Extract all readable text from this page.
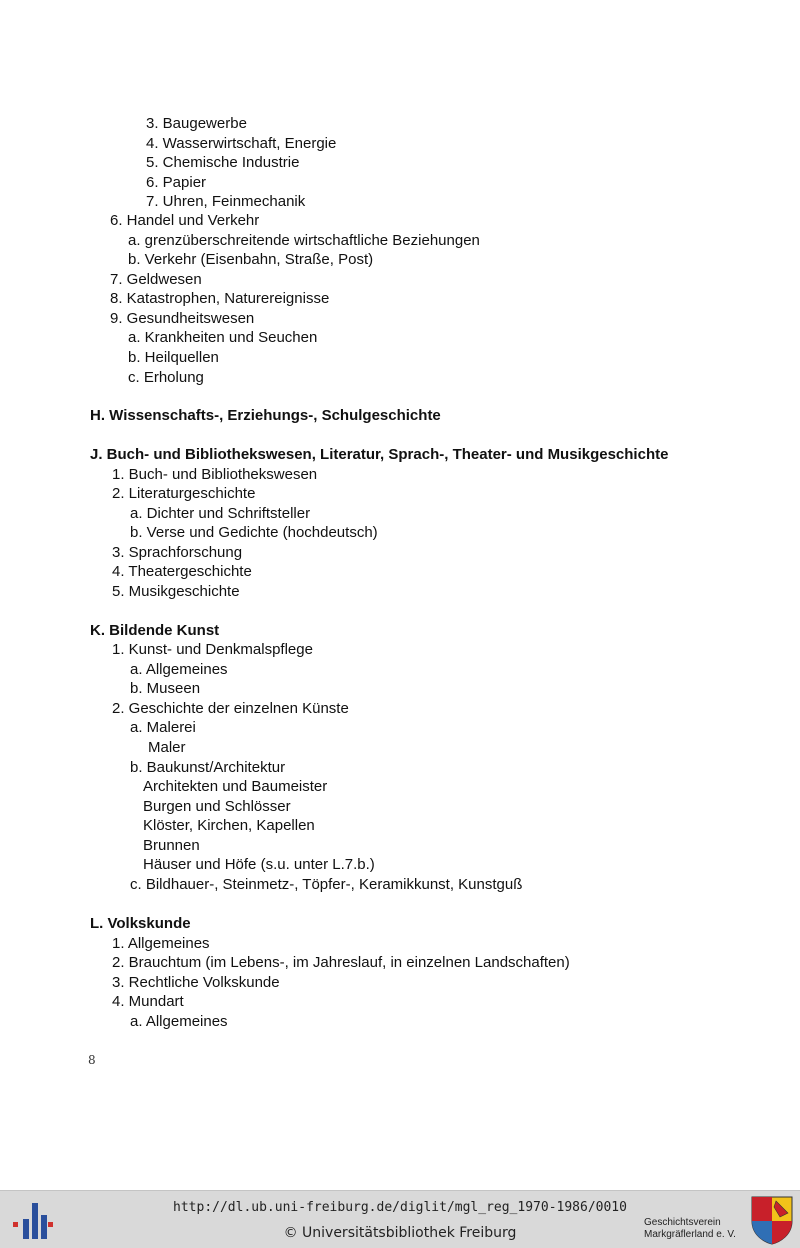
3. Baugewerbe
4. Wasserwirtschaft, Energie
5. Chemische Industrie
6. Papier
7. Uhren, Feinmechanik
6. Handel und Verkehr
a. grenzüberschreitende wirtschaftliche Beziehungen
b. Verkehr (Eisenbahn, Straße, Post)
7. Geldwesen
8. Katastrophen, Naturereignisse
9. Gesundheitswesen
a. Krankheiten und Seuchen
b. Heilquellen
c. Erholung
H. Wissenschafts-, Erziehungs-, Schulgeschichte
J. Buch- und Bibliothekswesen, Literatur, Sprach-, Theater- und Musikgeschichte
1. Buch- und Bibliothekswesen
2. Literaturgeschichte
a. Dichter und Schriftsteller
b. Verse und Gedichte (hochdeutsch)
3. Sprachforschung
4. Theatergeschichte
5. Musikgeschichte
K. Bildende Kunst
1. Kunst- und Denkmalspflege
a. Allgemeines
b. Museen
2. Geschichte der einzelnen Künste
a. Malerei
Maler
b. Baukunst/Architektur
Architekten und Baumeister
Burgen und Schlösser
Klöster, Kirchen, Kapellen
Brunnen
Häuser und Höfe (s.u. unter L.7.b.)
c. Bildhauer-, Steinmetz-, Töpfer-, Keramikkunst, Kunstguß
L. Volkskunde
1. Allgemeines
2. Brauchtum (im Lebens-, im Jahreslauf, in einzelnen Landschaften)
3. Rechtliche Volkskunde
4. Mundart
a. Allgemeines
8
http://dl.ub.uni-freiburg.de/diglit/mgl_reg_1970-1986/0010
© Universitätsbibliothek Freiburg
Geschichtsverein
Markgräflerland e. V.
